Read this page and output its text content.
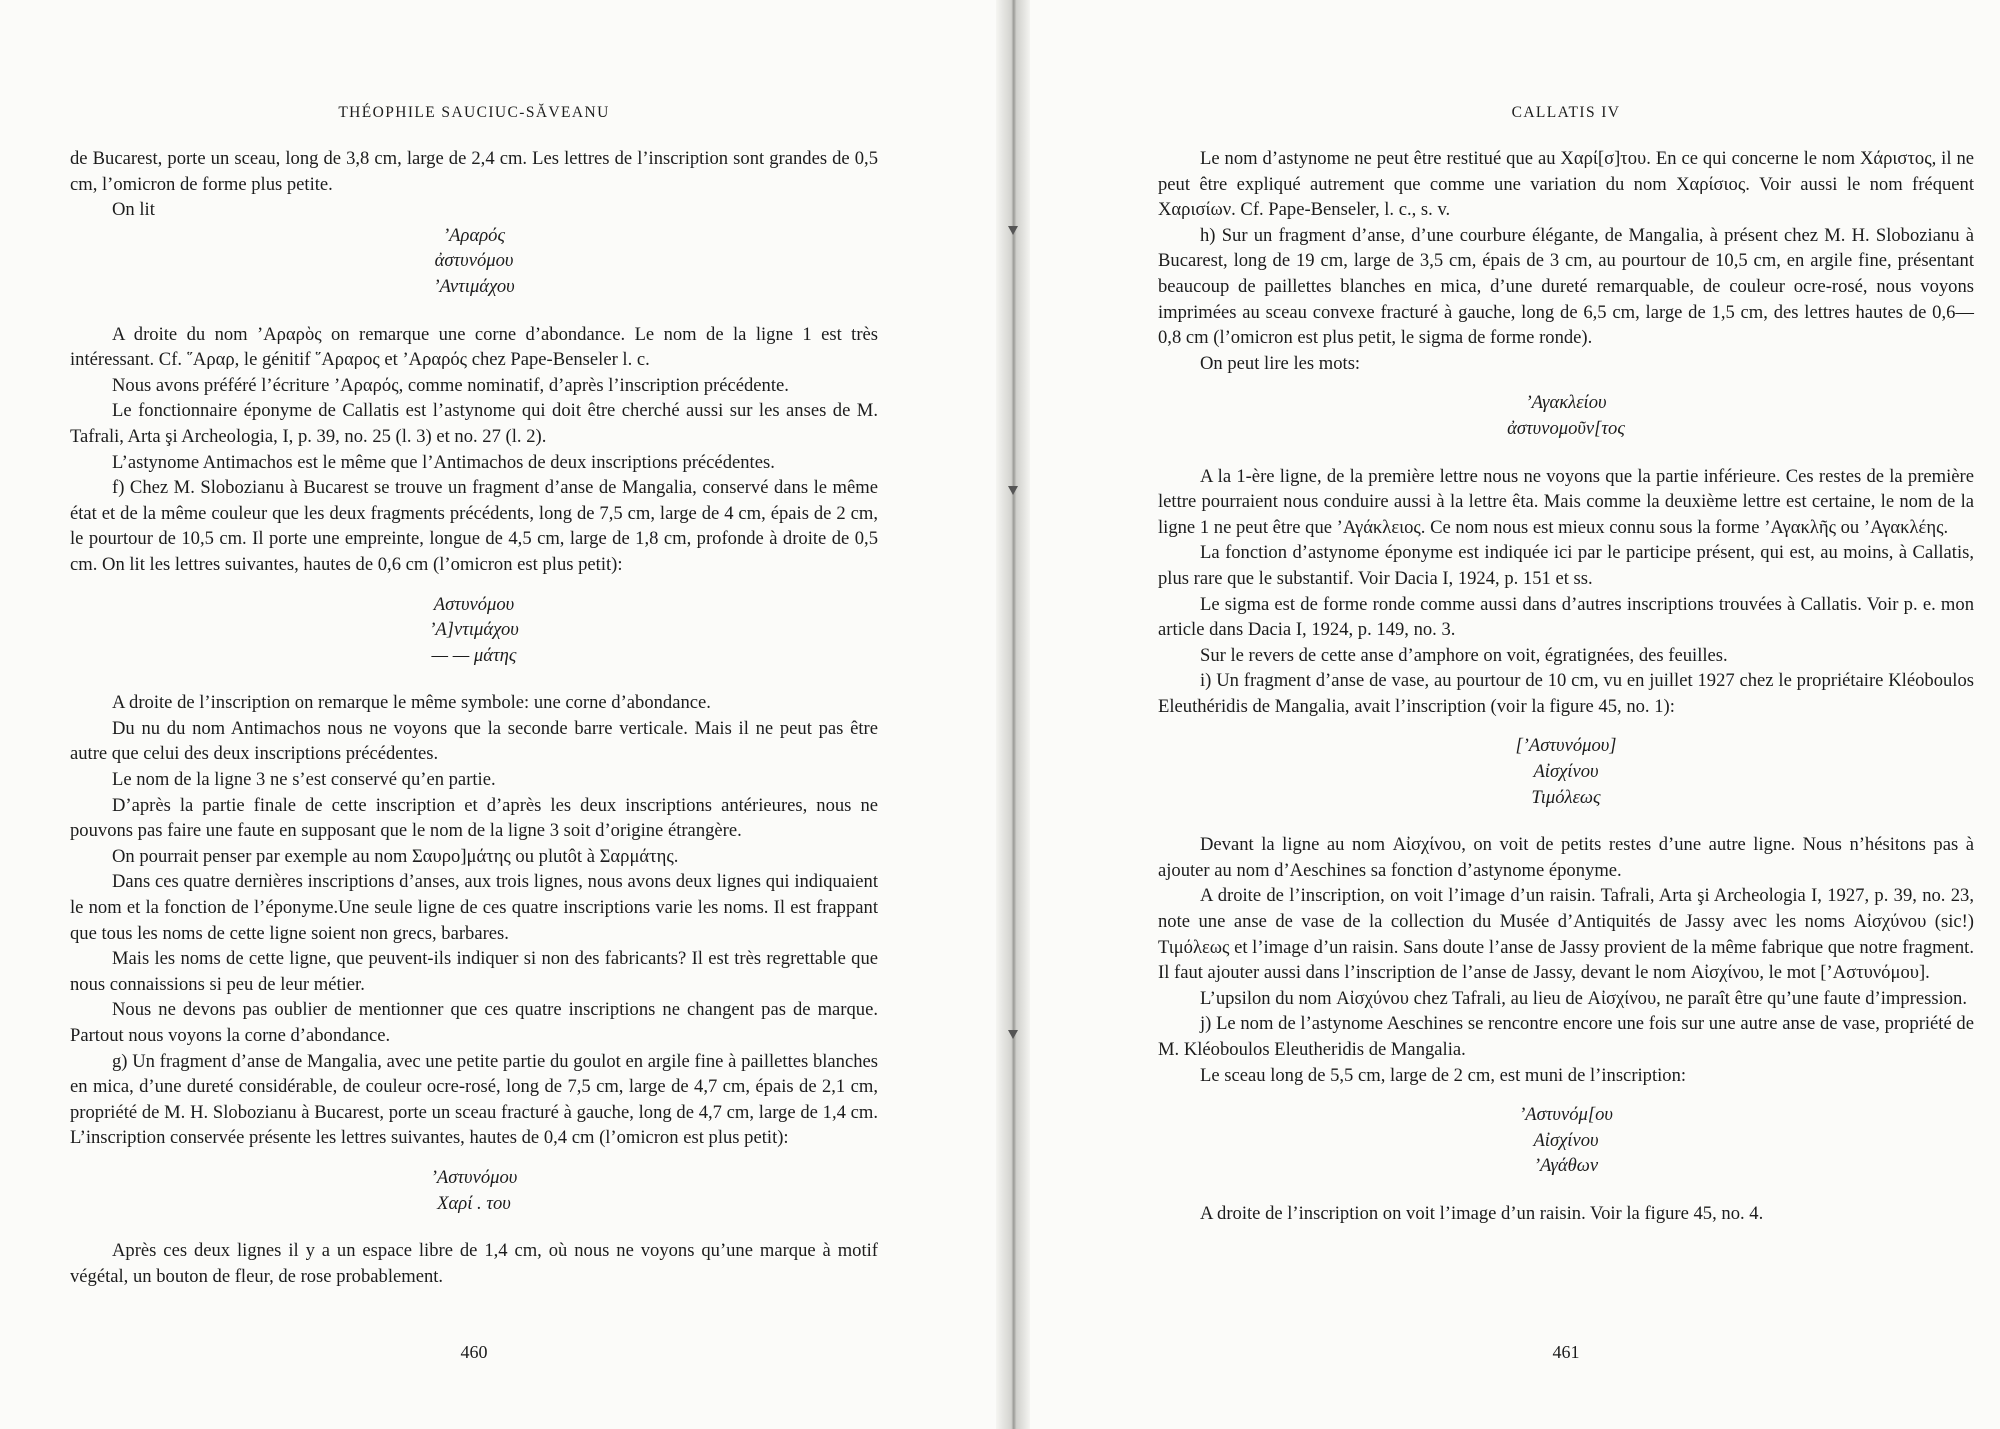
THÉOPHILE SAUCIUC-SĂVEANU

de Bucarest, porte un sceau, long de 3,8 cm, large de 2,4 cm. Les lettres de l’inscription sont grandes de 0,5 cm, l’omicron de forme plus petite.

On lit

’Αραρός
ἀστυνόμου
’Αντιμάχου

A droite du nom ’Αραρὸς on remarque une corne d’abondance. Le nom de la ligne 1 est très intéressant. Cf. ῞Αραρ, le génitif ῞Αραρος et ’Αραρός chez Pape-Benseler l. c.

Nous avons préféré l’écriture ’Αραρός, comme nominatif, d’après l’inscription précédente.

Le fonctionnaire éponyme de Callatis est l’astynome qui doit être cherché aussi sur les anses de M. Tafrali, Arta şi Archeologia, I, p. 39, no. 25 (l. 3) et no. 27 (l. 2).

L’astynome Antimachos est le même que l’Antimachos de deux inscriptions précédentes.

f) Chez M. Slobozianu à Bucarest se trouve un fragment d’anse de Mangalia, conservé dans le même état et de la même couleur que les deux fragments précédents, long de 7,5 cm, large de 4 cm, épais de 2 cm, le pourtour de 10,5 cm. Il porte une empreinte, longue de 4,5 cm, large de 1,8 cm, profonde à droite de 0,5 cm. On lit les lettres suivantes, hautes de 0,6 cm (l’omicron est plus petit):

Αστυνόμου
’Α]ντιμάχου
— — μάτης

A droite de l’inscription on remarque le même symbole: une corne d’abondance.

Du nu du nom Antimachos nous ne voyons que la seconde barre verticale. Mais il ne peut pas être autre que celui des deux inscriptions précédentes.

Le nom de la ligne 3 ne s’est conservé qu’en partie.

D’après la partie finale de cette inscription et d’après les deux inscriptions antérieures, nous ne pouvons pas faire une faute en supposant que le nom de la ligne 3 soit d’origine étrangère.

On pourrait penser par exemple au nom Σαυρο]μάτης ou plutôt à Σαρμάτης.

Dans ces quatre dernières inscriptions d’anses, aux trois lignes, nous avons deux lignes qui indiquaient le nom et la fonction de l’éponyme.Une seule ligne de ces quatre inscriptions varie les noms. Il est frappant que tous les noms de cette ligne soient non grecs, barbares.

Mais les noms de cette ligne, que peuvent-ils indiquer si non des fabricants? Il est très regrettable que nous connaissions si peu de leur métier.

Nous ne devons pas oublier de mentionner que ces quatre inscriptions ne changent pas de marque. Partout nous voyons la corne d’abondance.

g) Un fragment d’anse de Mangalia, avec une petite partie du goulot en argile fine à paillettes blanches en mica, d’une dureté considérable, de couleur ocre-rosé, long de 7,5 cm, large de 4,7 cm, épais de 2,1 cm, propriété de M. H. Slobozianu à Bucarest, porte un sceau fracturé à gauche, long de 4,7 cm, large de 1,4 cm. L’inscription conservée présente les lettres suivantes, hautes de 0,4 cm (l’omicron est plus petit):

’Αστυνόμου
Χαρί . του

Après ces deux lignes il y a un espace libre de 1,4 cm, où nous ne voyons qu’une marque à motif végétal, un bouton de fleur, de rose probablement.

460
CALLATIS IV

Le nom d’astynome ne peut être restitué que au Χαρί[σ]του. En ce qui concerne le nom Χάριστος, il ne peut être expliqué autrement que comme une variation du nom Χαρίσιος. Voir aussi le nom fréquent Χαρισίων. Cf. Pape-Benseler, l. c., s. v.

h) Sur un fragment d’anse, d’une courbure élégante, de Mangalia, à présent chez M. H. Slobozianu à Bucarest, long de 19 cm, large de 3,5 cm, épais de 3 cm, au pourtour de 10,5 cm, en argile fine, présentant beaucoup de paillettes blanches en mica, d’une dureté remarquable, de couleur ocre-rosé, nous voyons imprimées au sceau convexe fracturé à gauche, long de 6,5 cm, large de 1,5 cm, des lettres hautes de 0,6—0,8 cm (l’omicron est plus petit, le sigma de forme ronde).

On peut lire les mots:

’Αγακλείου
ἀστυνομοῦν[τος

A la 1-ère ligne, de la première lettre nous ne voyons que la partie inférieure. Ces restes de la première lettre pourraient nous conduire aussi à la lettre êta. Mais comme la deuxième lettre est certaine, le nom de la ligne 1 ne peut être que ’Αγάκλειος. Ce nom nous est mieux connu sous la forme ’Αγακλῆς ou ’Αγακλέης.

La fonction d’astynome éponyme est indiquée ici par le participe présent, qui est, au moins, à Callatis, plus rare que le substantif. Voir Dacia I, 1924, p. 151 et ss.

Le sigma est de forme ronde comme aussi dans d’autres inscriptions trouvées à Callatis. Voir p. e. mon article dans Dacia I, 1924, p. 149, no. 3.

Sur le revers de cette anse d’amphore on voit, égratignées, des feuilles.

i) Un fragment d’anse de vase, au pourtour de 10 cm, vu en juillet 1927 chez le propriétaire Kléoboulos Eleuthéridis de Mangalia, avait l’inscription (voir la figure 45, no. 1):

[’Αστυνόμου]
Αἰσχίνου
Τιμόλεως

Devant la ligne au nom Αἰσχίνου, on voit de petits restes d’une autre ligne. Nous n’hésitons pas à ajouter au nom d’Aeschines sa fonction d’astynome éponyme.

A droite de l’inscription, on voit l’image d’un raisin. Tafrali, Arta şi Archeologia I, 1927, p. 39, no. 23, note une anse de vase de la collection du Musée d’Antiquités de Jassy avec les noms Αἰσχύνου (sic!) Τιμόλεως et l’image d’un raisin. Sans doute l’anse de Jassy provient de la même fabrique que notre fragment. Il faut ajouter aussi dans l’inscription de l’anse de Jassy, devant le nom Αἰσχίνου, le mot [’Αστυνόμου].

L’upsilon du nom Αἰσχύνου chez Tafrali, au lieu de Αἰσχίνου, ne paraît être qu’une faute d’impression.

j) Le nom de l’astynome Aeschines se rencontre encore une fois sur une autre anse de vase, propriété de M. Kléoboulos Eleutheridis de Mangalia.

Le sceau long de 5,5 cm, large de 2 cm, est muni de l’inscription:

’Αστυνόμ[ου
Αἰσχίνου
’Αγάθων

A droite de l’inscription on voit l’image d’un raisin. Voir la figure 45, no. 4.

461
